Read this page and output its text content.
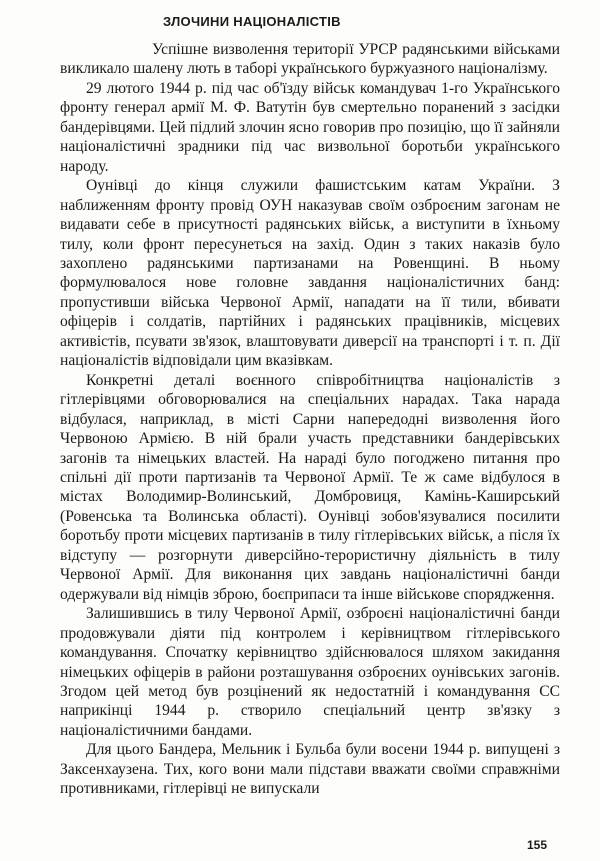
ЗЛОЧИНИ НАЦІОНАЛІСТІВ

Успішне визволення території УРСР радянськими військами викликало шалену лють в таборі українського буржуазного націоналізму.

29 лютого 1944 р. під час об'їзду військ командувач 1-го Українського фронту генерал армії М. Ф. Ватутін був смертельно поранений з засідки бандерівцями. Цей підлий злочин ясно говорив про позицію, що її зайняли націоналістичні зрадники під час визвольної боротьби українського народу.

Оунівці до кінця служили фашистським катам України. З наближенням фронту провід ОУН наказував своїм озброєним загонам не видавати себе в присутності радянських військ, а виступити в їхньому тилу, коли фронт пересунеться на захід. Один з таких наказів було захоплено радянськими партизанами на Ровенщині. В ньому формулювалося нове головне завдання націоналістичних банд: пропустивши війська Червоної Армії, нападати на її тили, вбивати офіцерів і солдатів, партійних і радянських працівників, місцевих активістів, псувати зв'язок, влаштовувати диверсії на транспорті і т. п. Дії націоналістів відповідали цим вказівкам.

Конкретні деталі воєнного співробітництва націоналістів з гітлерівцями обговорювалися на спеціальних нарадах. Така нарада відбулася, наприклад, в місті Сарни напередодні визволення його Червоною Армією. В ній брали участь представники бандерівських загонів та німецьких властей. На нараді було погоджено питання про спільні дії проти партизанів та Червоної Армії. Те ж саме відбулося в містах Володимир-Волинський, Домбровиця, Камінь-Каширський (Ровенська та Волинська області). Оунівці зобов'язувалися посилити боротьбу проти місцевих партизанів в тилу гітлерівських військ, а після їх відступу — розгорнути диверсійно-терористичну діяльність в тилу Червоної Армії. Для виконання цих завдань націоналістичні банди одержували від німців зброю, боєприпаси та інше військове спорядження.

Залишившись в тилу Червоної Армії, озброєні націоналістичні банди продовжували діяти під контролем і керівництвом гітлерівського командування. Спочатку керівництво здійснювалося шляхом закидання німецьких офіцерів в райони розташування озброєних оунівських загонів. Згодом цей метод був розцінений як недостатній і командування СС наприкінці 1944 р. створило спеціальний центр зв'язку з націоналістичними бандами.

Для цього Бандера, Мельник і Бульба були восени 1944 р. випущені з Заксенхаузена. Тих, кого вони мали підстави вважати своїми справжніми противниками, гітлерівці не випускали

155
